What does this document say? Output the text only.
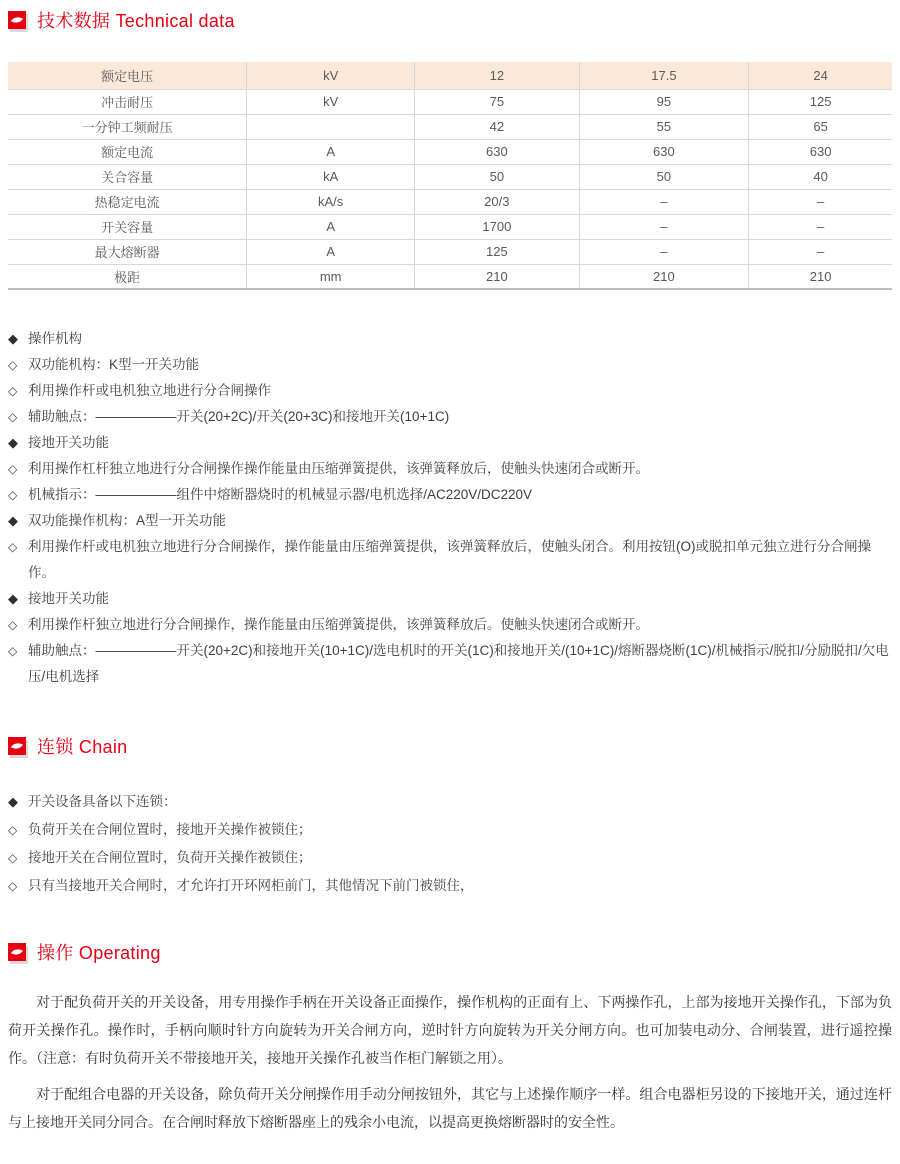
技术数据 Technical data
额定电压	kV	12	17.5	24
冲击耐压	kV	75	95	125
一分钟工频耐压		42	55	65
额定电流	A	630	630	630
关合容量	kA	50	50	40
热稳定电流	kA/s	20/3	–	–
开关容量	A	1700	–	–
最大熔断器	A	125	–	–
极距	mm	210	210	210
◆ 操作机构
◇ 双功能机构：K型一开关功能
◇ 利用操作杆或电机独立地进行分合闸操作
◇ 辅助触点：——————开关(20+2C)/开关(20+3C)和接地开关(10+1C)
◆ 接地开关功能
◇ 利用操作杠杆独立地进行分合闸操作操作能量由压缩弹簧提供，该弹簧释放后，使触头快速闭合或断开。
◇ 机械指示：——————组件中熔断器烧时的机械显示器/电机选择/AC220V/DC220V
◆ 双功能操作机构：A型一开关功能
◇ 利用操作杆或电机独立地进行分合闸操作，操作能量由压缩弹簧提供，该弹簧释放后，使触头闭合。利用按钮(O)或脱扣单元独立进行分合闸操作。
◆ 接地开关功能
◇ 利用操作杆独立地进行分合闸操作，操作能量由压缩弹簧提供，该弹簧释放后。使触头快速闭合或断开。
◇ 辅助触点：——————开关(20+2C)和接地开关(10+1C)/选电机时的开关(1C)和接地开关/(10+1C)/熔断器烧断(1C)/机械指示/脱扣/分励脱扣/欠电压/电机选择
连锁 Chain
◆ 开关设备具备以下连锁：
◇ 负荷开关在合闸位置时，接地开关操作被锁住；
◇ 接地开关在合闸位置时，负荷开关操作被锁住；
◇ 只有当接地开关合闸时，才允许打开环网柜前门，其他情况下前门被锁住，
操作 Operating

对于配负荷开关的开关设备，用专用操作手柄在开关设备正面操作，操作机构的正面有上、下两操作孔，上部为接地开关操作孔，下部为负荷开关操作孔。操作时，手柄向顺时针方向旋转为开关合闸方向，逆时针方向旋转为开关分闸方向。也可加装电动分、合闸装置，进行遥控操作。（注意：有时负荷开关不带接地开关，接地开关操作孔被当作柜门解锁之用）。

对于配组合电器的开关设备，除负荷开关分闸操作用手动分闸按钮外，其它与上述操作顺序一样。组合电器柜另设的下接地开关，通过连杆与上接地开关同分同合。在合闸时释放下熔断器座上的残余小电流，以提高更换熔断器时的安全性。
